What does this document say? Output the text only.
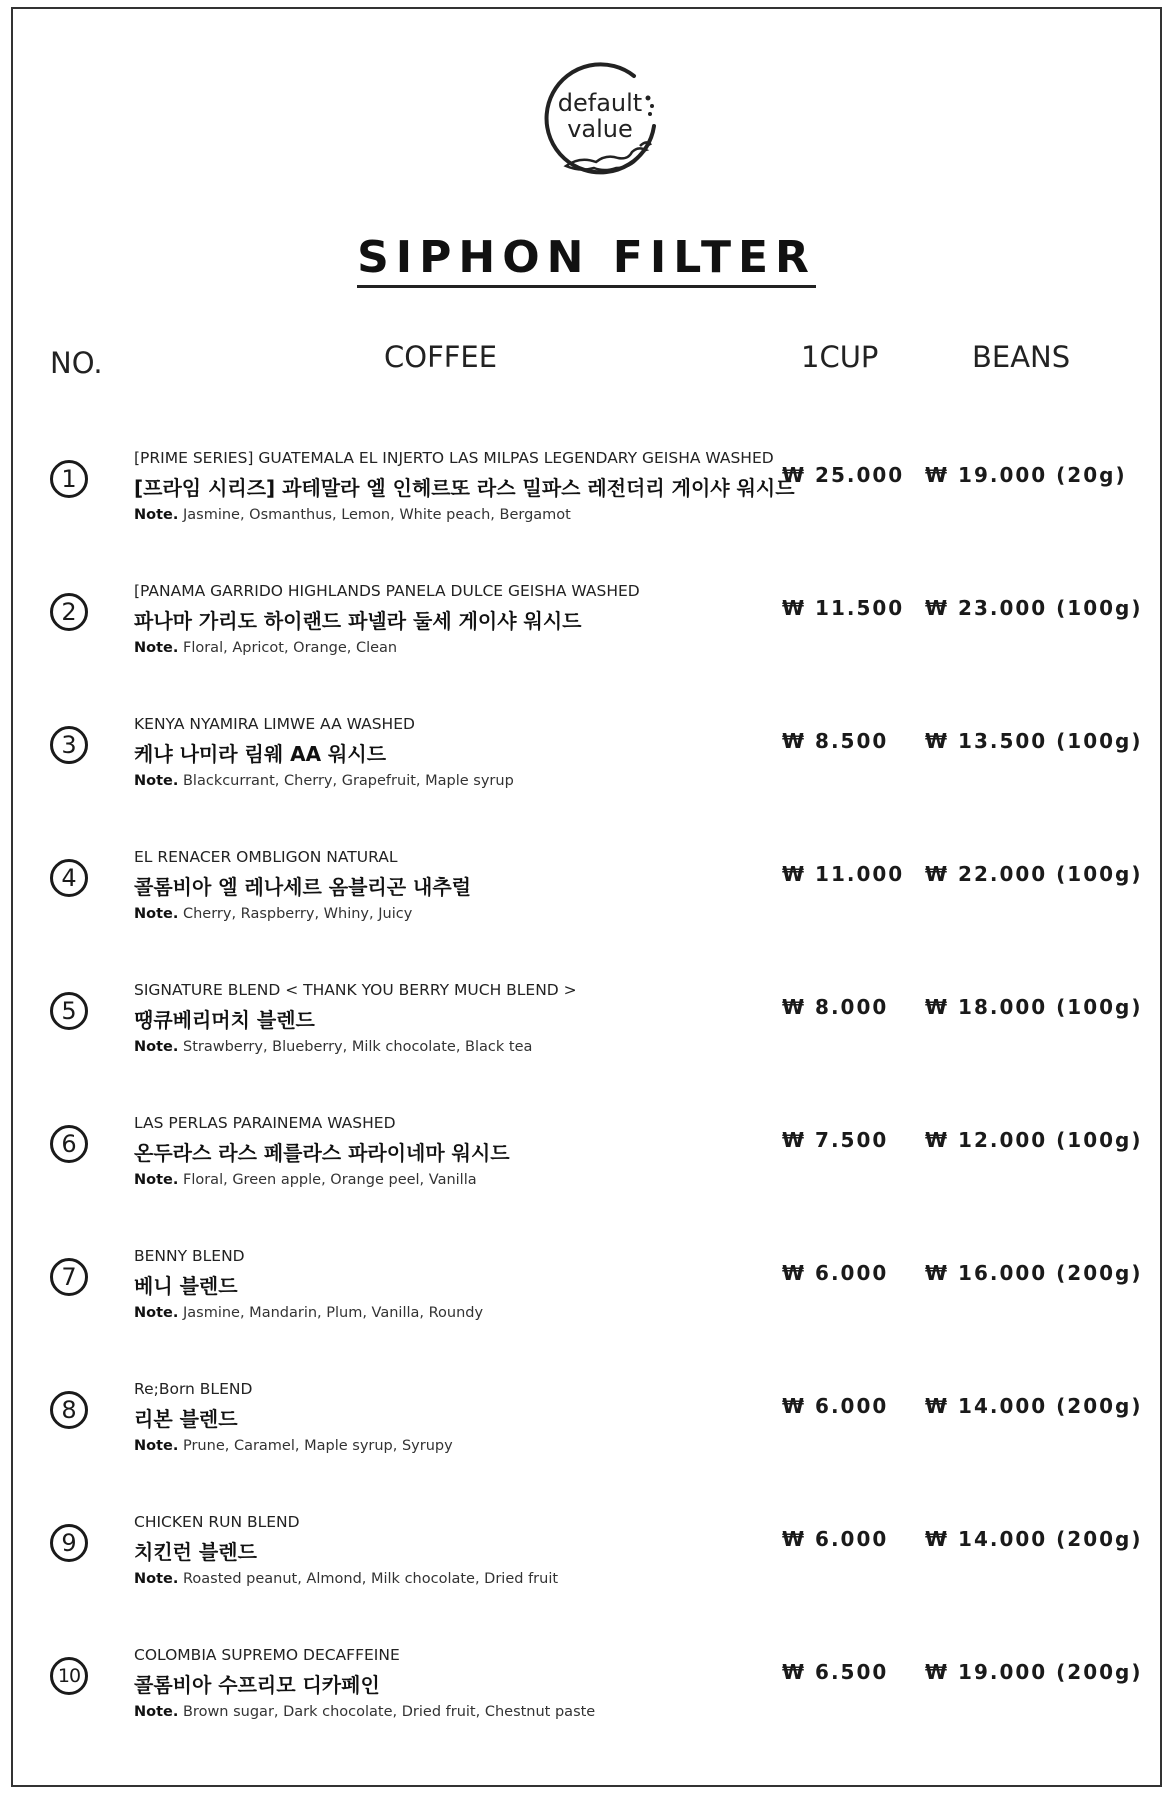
default
value
SIPHON FILTER
NO.	COFFEE	1CUP	BEANS
1
[PRIME SERIES] GUATEMALA EL INJERTO LAS MILPAS LEGENDARY GEISHA WASHED
[프라임 시리즈] 과테말라 엘 인헤르또 라스 밀파스 레전더리 게이샤 워시드
Note. Jasmine, Osmanthus, Lemon, White peach, Bergamot
₩ 25.000 ₩ 19.000 (20g)
2
[PANAMA GARRIDO HIGHLANDS PANELA DULCE GEISHA WASHED
파나마 가리도 하이랜드 파넬라 둘세 게이샤 워시드
Note. Floral, Apricot, Orange, Clean
₩ 11.500 ₩ 23.000 (100g)
3
KENYA NYAMIRA LIMWE AA WASHED
케냐 나미라 림웨 AA 워시드
Note. Blackcurrant, Cherry, Grapefruit, Maple syrup
₩ 8.500 ₩ 13.500 (100g)
4
EL RENACER OMBLIGON NATURAL
콜롬비아 엘 레나세르 옴블리곤 내추럴
Note. Cherry, Raspberry, Whiny, Juicy
₩ 11.000 ₩ 22.000 (100g)
5
SIGNATURE BLEND < THANK YOU BERRY MUCH BLEND >
땡큐베리머치 블렌드
Note. Strawberry, Blueberry, Milk chocolate, Black tea
₩ 8.000 ₩ 18.000 (100g)
6
LAS PERLAS PARAINEMA WASHED
온두라스 라스 페를라스 파라이네마 워시드
Note. Floral, Green apple, Orange peel, Vanilla
₩ 7.500 ₩ 12.000 (100g)
7
BENNY BLEND
베니 블렌드
Note. Jasmine, Mandarin, Plum, Vanilla, Roundy
₩ 6.000 ₩ 16.000 (200g)
8
Re;Born BLEND
리본 블렌드
Note. Prune, Caramel, Maple syrup, Syrupy
₩ 6.000 ₩ 14.000 (200g)
9
CHICKEN RUN BLEND
치킨런 블렌드
Note. Roasted peanut, Almond, Milk chocolate, Dried fruit
₩ 6.000 ₩ 14.000 (200g)
10
COLOMBIA SUPREMO DECAFFEINE
콜롬비아 수프리모 디카페인
Note. Brown sugar, Dark chocolate, Dried fruit, Chestnut paste
₩ 6.500 ₩ 19.000 (200g)
